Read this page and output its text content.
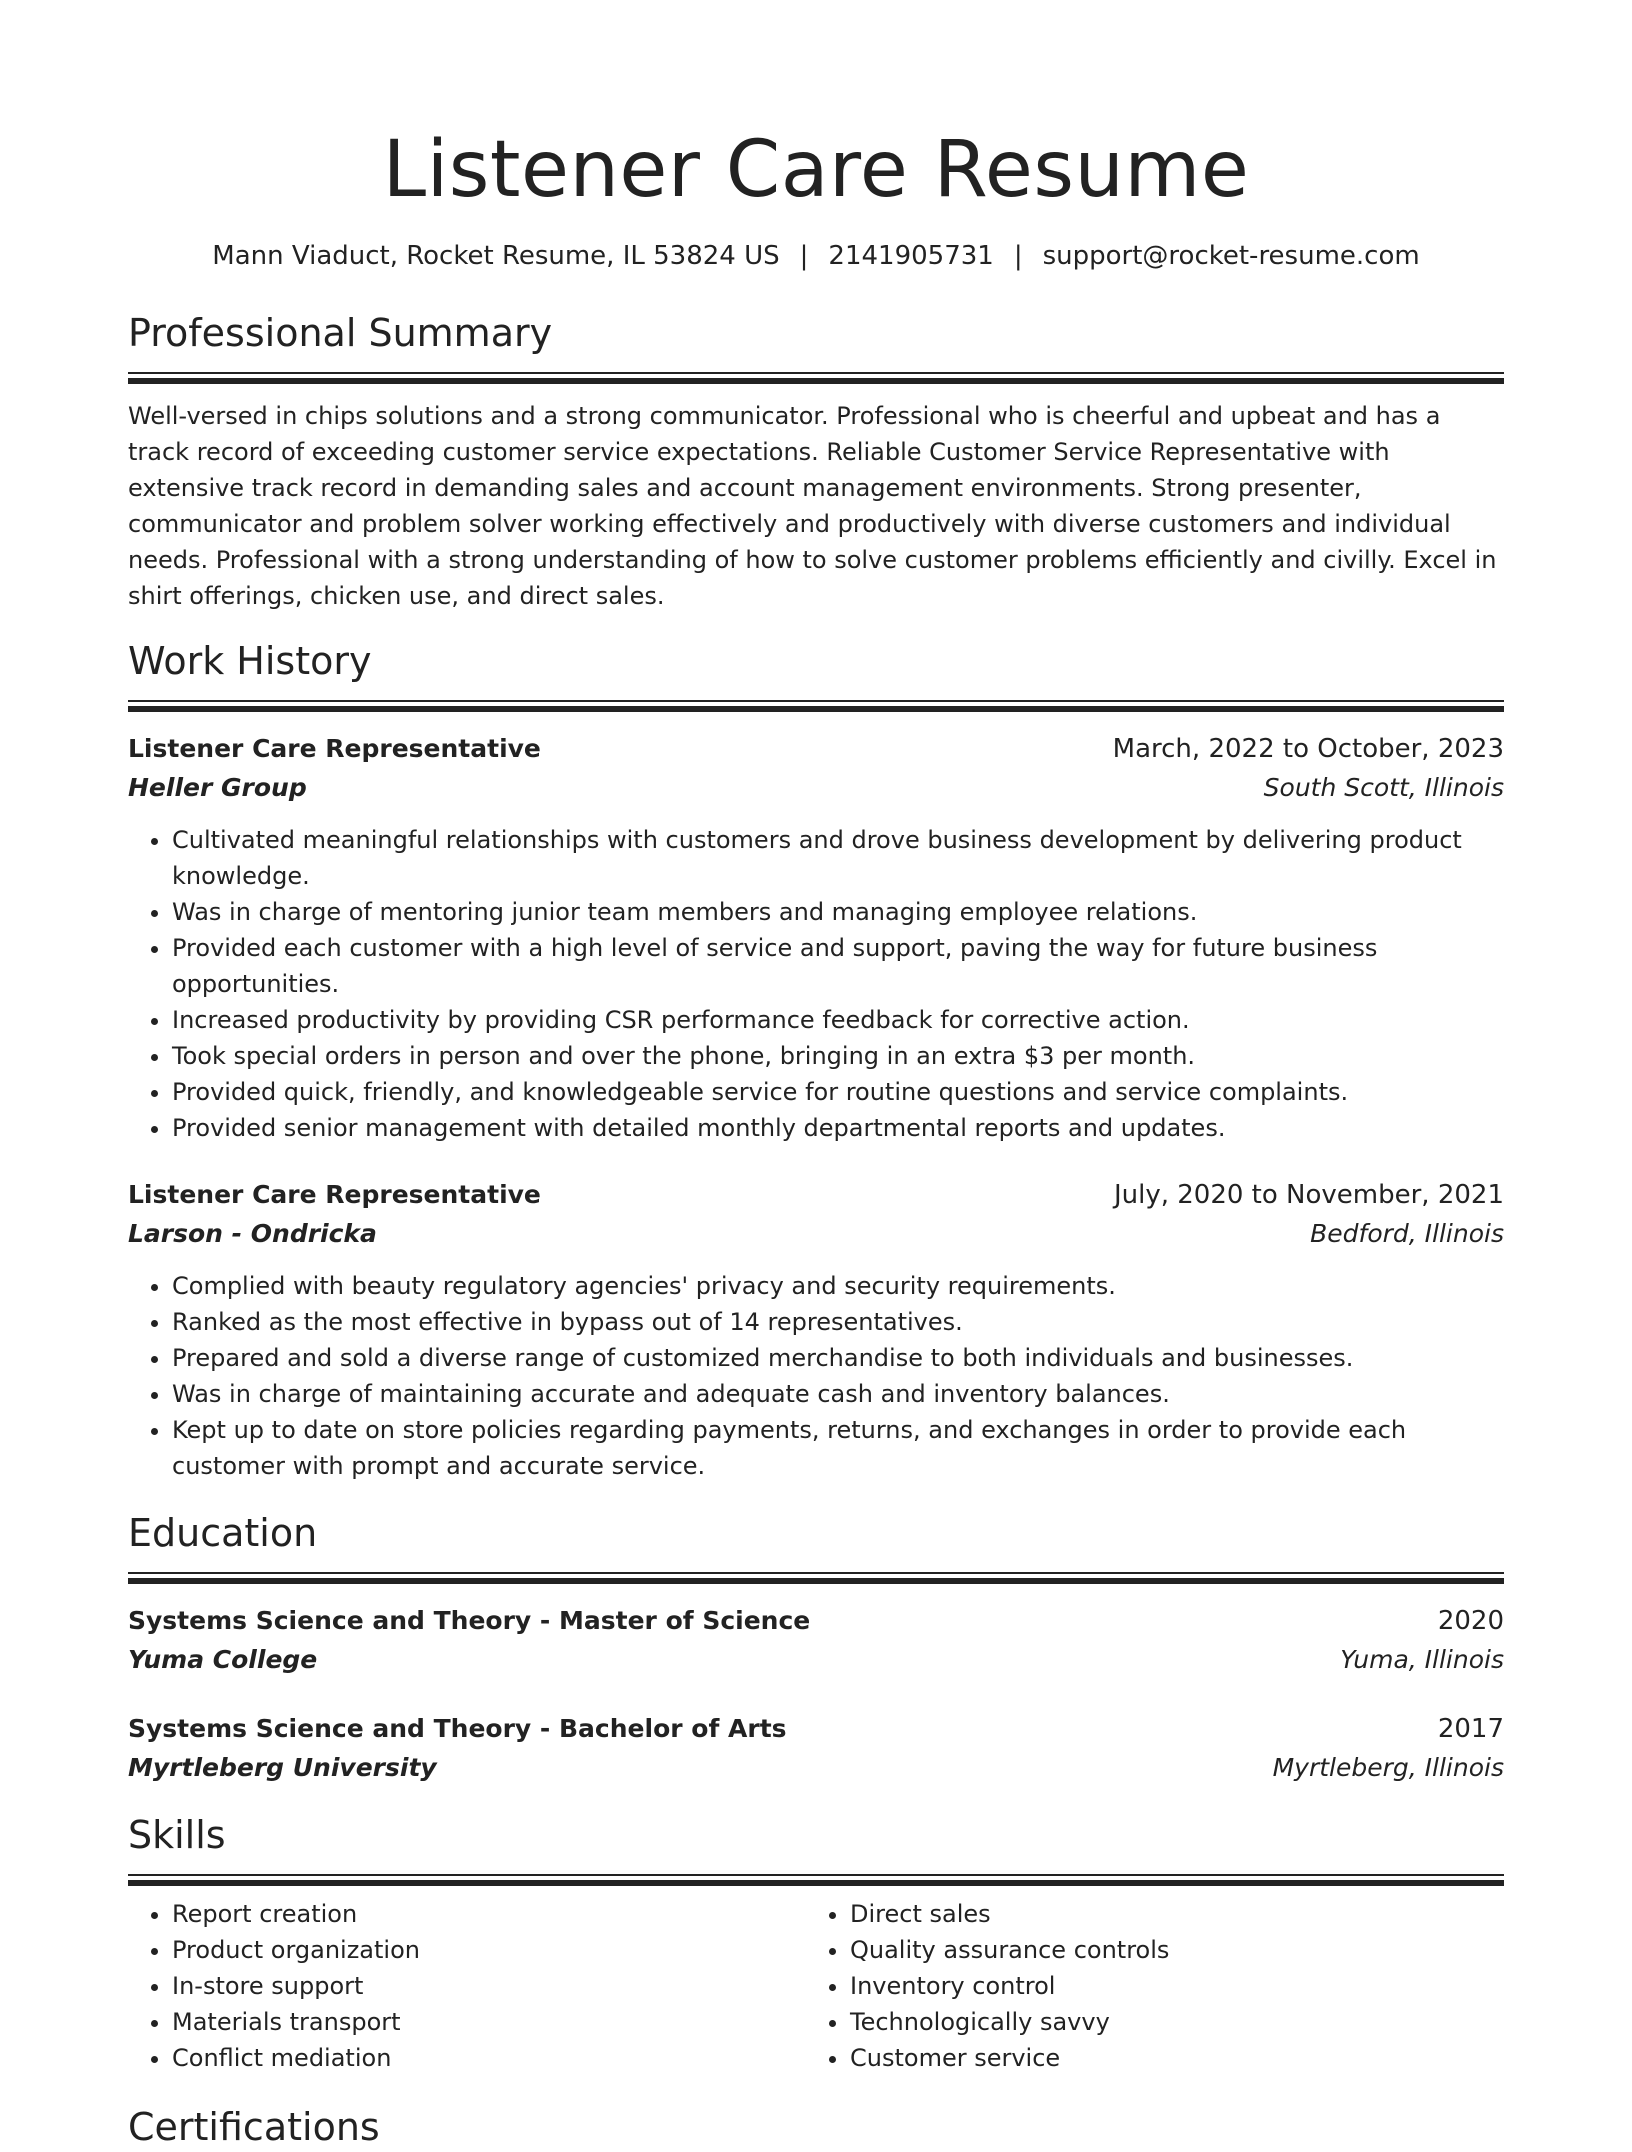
Listener Care Resume
Mann Viaduct, Rocket Resume, IL 53824 US | 2141905731 | support@rocket-resume.com
Professional Summary
Well-versed in chips solutions and a strong communicator. Professional who is cheerful and upbeat and has a track record of exceeding customer service expectations. Reliable Customer Service Representative with extensive track record in demanding sales and account management environments. Strong presenter, communicator and problem solver working effectively and productively with diverse customers and individual needs. Professional with a strong understanding of how to solve customer problems efficiently and civilly. Excel in shirt offerings, chicken use, and direct sales.
Work History
Listener Care Representative	March, 2022 to October, 2023
Heller Group	South Scott, Illinois
• Cultivated meaningful relationships with customers and drove business development by delivering product knowledge.
• Was in charge of mentoring junior team members and managing employee relations.
• Provided each customer with a high level of service and support, paving the way for future business opportunities.
• Increased productivity by providing CSR performance feedback for corrective action.
• Took special orders in person and over the phone, bringing in an extra $3 per month.
• Provided quick, friendly, and knowledgeable service for routine questions and service complaints.
• Provided senior management with detailed monthly departmental reports and updates.
Listener Care Representative	July, 2020 to November, 2021
Larson - Ondricka	Bedford, Illinois
• Complied with beauty regulatory agencies' privacy and security requirements.
• Ranked as the most effective in bypass out of 14 representatives.
• Prepared and sold a diverse range of customized merchandise to both individuals and businesses.
• Was in charge of maintaining accurate and adequate cash and inventory balances.
• Kept up to date on store policies regarding payments, returns, and exchanges in order to provide each customer with prompt and accurate service.
Education
Systems Science and Theory - Master of Science	2020
Yuma College	Yuma, Illinois
Systems Science and Theory - Bachelor of Arts	2017
Myrtleberg University	Myrtleberg, Illinois
Skills
• Report creation
• Product organization
• In-store support
• Materials transport
• Conflict mediation
• Direct sales
• Quality assurance controls
• Inventory control
• Technologically savvy
• Customer service
Certifications
